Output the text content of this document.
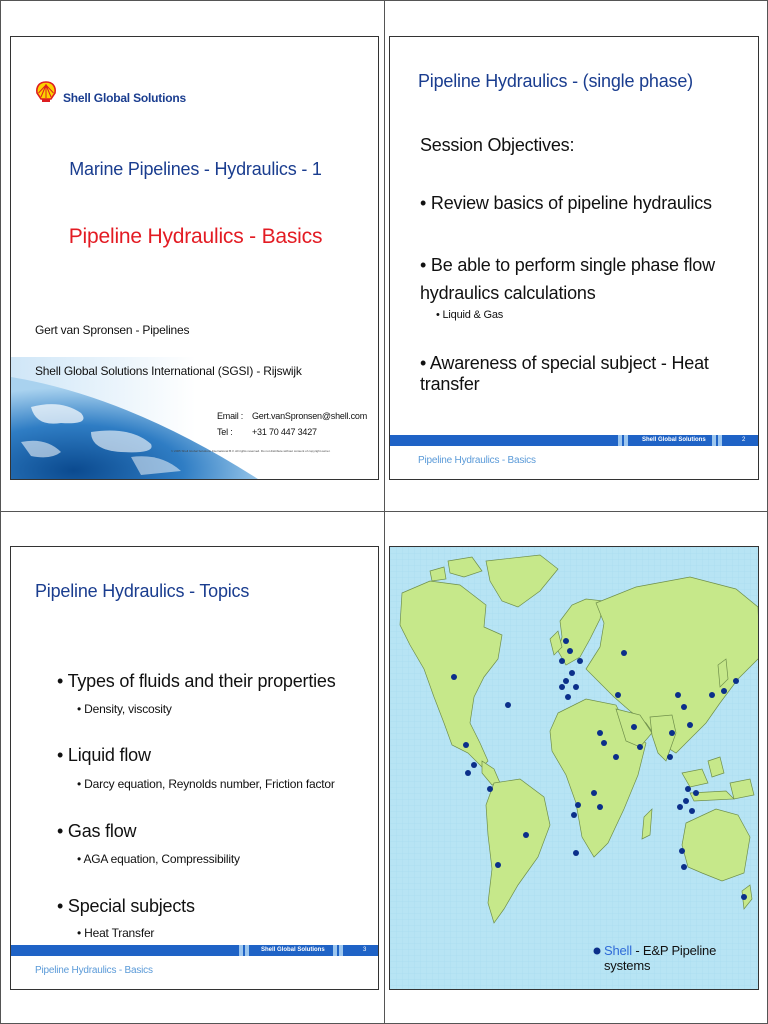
Shell Global Solutions
Marine Pipelines - Hydraulics - 1
Pipeline Hydraulics - Basics
Gert van Spronsen - Pipelines
Shell Global Solutions International (SGSI) - Rijswijk
Email : Gert.vanSpronsen@shell.com
Tel : +31 70 447 3427
© 2005 Shell Global Solutions International B.V. All rights reserved. Do not distribute without consent of copyright owner.
Pipeline Hydraulics - (single phase)
Session Objectives:
• Review basics of pipeline hydraulics
• Be able to perform single phase flow hydraulics calculations
• Liquid & Gas
• Awareness of special subject - Heat transfer
Shell Global Solutions	2
Pipeline Hydraulics - Basics
Pipeline Hydraulics - Topics
• Types of fluids and their properties
• Density, viscosity
• Liquid flow
• Darcy equation, Reynolds number, Friction factor
• Gas flow
• AGA equation, Compressibility
• Special subjects
• Heat Transfer
Shell Global Solutions	3
Pipeline Hydraulics - Basics
Shell - E&P Pipeline systems
